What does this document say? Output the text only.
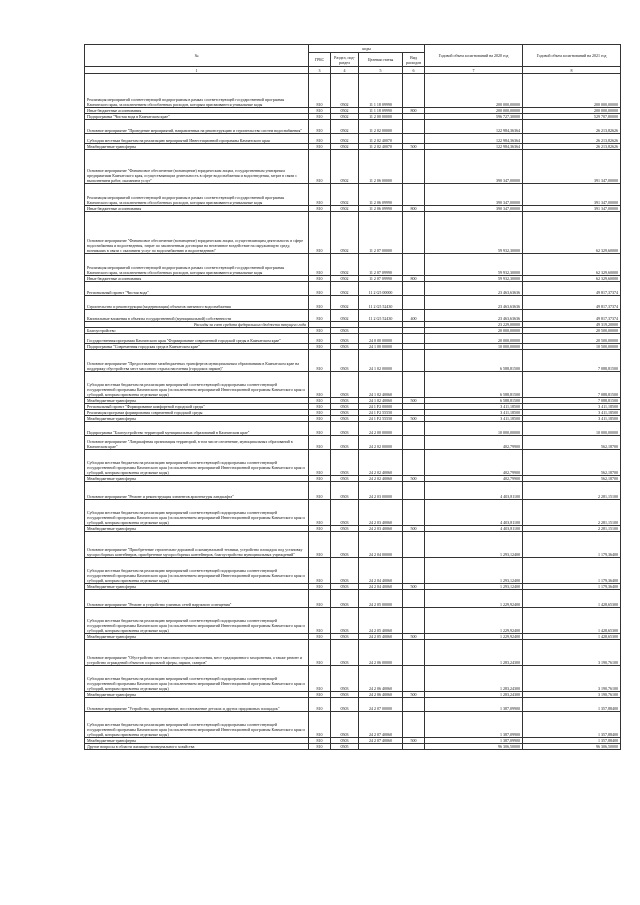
№	коды				Годовой объем ассигнований на 2020 год	Годовой объем ассигнований на 2021 год
	ГРБС	Раздел, под-раздел	Целевая статья	Вид расходов		
1	3	4	5	6	7	8
Реализация мероприятий соответствующей подпрограммы в рамках соответствующей государственной программы Камчатского края, за исключением обособленных расходов, которым присваиваются уникальные коды	810	0502	11 1 18 09990		200 000,00000	200 000,00000
Иные бюджетные ассигнования	810	0502	11 1 18 09990	800	200 000,00000	200 000,00000
Подпрограмма "Чистая вода в Камчатском крае"	810	0502	11 2 00 00000		596 727,30000	529 707,80000
Основное мероприятие "Проведение мероприятий, направленных на реконструкцию и строительство систем водоснабжения"	810	0502	11 2 02 00000		122 984,36364	26 213,82626
Субсидии местным бюджетам на реализацию мероприятий Инвестиционной программы Камчатского края	810	0502	11 2 02 40070		122 984,36364	26 213,82626
Межбюджетные трансферты	810	0502	11 2 02 40070	500	122 984,36364	26 213,82626
Основное мероприятие "Финансовое обеспечение (возмещение) юридическим лицам, государственным унитарным предприятиям Камчатского края, осуществляющим деятельность в сфере водоснабжения и водоотведения, затрат в связи с выполнением работ, оказанием услуг"	810	0502	11 2 06 00000		390 347,00000	391 347,00000
Реализация мероприятий соответствующей подпрограммы в рамках соответствующей государственной программы Камчатского края, за исключением обособленных расходов, которым присваиваются уникальные коды	810	0502	11 2 06 09990		390 347,00000	391 347,00000
Иные бюджетные ассигнования	810	0502	11 2 06 09990	800	390 347,00000	391 347,00000
Основное мероприятие "Финансовое обеспечение (возмещение) юридическим лицам, осуществляющим деятельность в сфере водоснабжения и водоотведения, затрат по заключенным договорам на негативное воздействие на окружающую среду, возникших в связи с оказанием услуг по водоснабжению и водоотведению"	810	0502	11 2 07 00000		59 932,30000	62 329,60000
Реализация мероприятий соответствующей подпрограммы в рамках соответствующей государственной программы Камчатского края, за исключением обособленных расходов, которым присваиваются уникальные коды	810	0502	11 2 07 09990		59 932,30000	62 329,60000
Иные бюджетные ассигнования	810	0502	11 2 07 09990	800	59 932,30000	62 329,60000
Региональный проект "Чистая вода"	810	0502	11 2 G5 00000		23 463,63636	49 817,37374
Строительство и реконструкция (модернизация) объектов питьевого водоснабжения	810	0502	11 2 G5 52430		23 463,63636	49 817,37374
Капитальные вложения в объекты государственной (муниципальной) собственности	810	0502	11 2 G5 52430	400	23 463,63636	49 817,37374
Расходы за счет средств федерального бюджета текущего года					23 229,00000	49 319,20000
Благоустройство	810	0503			20 000,00000	20 500,00000
Государственная программа Камчатского края "Формирование современной городской среды в Камчатском крае"	810	0503	24 0 00 00000		20 000,00000	20 500,00000
Подпрограмма "Современная городская среда в Камчатском крае"	810	0503	24 1 00 00000		10 000,00000	10 500,00000
Основное мероприятие "Предоставление межбюджетных трансфертов муниципальным образованиям в Камчатском крае на поддержку обустройства мест массового отдыха населения (городских парков)"	810	0503	24 1 02 00000		6 588,81500	7 088,81500
Субсидии местным бюджетам на реализацию мероприятий соответствующей подпрограммы соответствующей государственной программы Камчатского края (за исключением мероприятий Инвестиционной программы Камчатского края и субсидий, которым присвоены отдельные коды)	810	0503	24 1 02 40060		6 588,81500	7 088,81500
Межбюджетные трансферты	810	0503	24 1 02 40060	500	6 588,81500	7 088,81500
Региональный проект "Формирование комфортной городской среды"	810	0503	24 1 F2 00000		3 411,18500	3 411,18500
Реализация программ формирования современной городской среды	810	0503	24 1 F2 55550		3 411,18500	3 411,18500
Межбюджетные трансферты	810	0503	24 1 F2 55550	500	3 411,18500	3 411,18500
Подпрограмма "Благоустройство территорий муниципальных образований в Камчатском крае"	810	0503	24 2 00 00000		10 000,00000	10 000,00000
Основное мероприятие "Ландшафтная организация территорий, в том числе озеленение, муниципальных образований в Камчатском крае"	810	0503	24 2 02 00000		402,79900	562,18700
Субсидии местным бюджетам на реализацию мероприятий соответствующей подпрограммы соответствующей государственной программы Камчатского края (за исключением мероприятий Инвестиционной программы Камчатского края и субсидий, которым присвоены отдельные коды)	810	0503	24 2 02 40060		402,79900	562,18700
Межбюджетные трансферты	810	0503	24 2 02 40060	500	402,79900	562,18700
Основное мероприятие "Ремонт и реконструкция элементов архитектуры ландшафта"	810	0503	24 2 03 00000		4 403,81100	2 281,15100
Субсидии местным бюджетам на реализацию мероприятий соответствующей подпрограммы соответствующей государственной программы Камчатского края (за исключением мероприятий Инвестиционной программы Камчатского края и субсидий, которым присвоены отдельные коды)	810	0503	24 2 03 40060		4 403,81100	2 281,15100
Межбюджетные трансферты	810	0503	24 2 03 40060	500	4 403,81100	2 281,15100
Основное мероприятие "Приобретение строительно-дорожной и коммунальной техники, устройство площадок под установку мусоросборных контейнеров, приобретение мусоросборных контейнеров, благоустройство муниципальных учреждений"	810	0503	24 2 04 00000		1 293,12400	1 179,36400
Субсидии местным бюджетам на реализацию мероприятий соответствующей подпрограммы соответствующей государственной программы Камчатского края (за исключением мероприятий Инвестиционной программы Камчатского края и субсидий, которым присвоены отдельные коды)	810	0503	24 2 04 40060		1 293,12400	1 179,36400
Межбюджетные трансферты	810	0503	24 2 04 40060	500	1 293,12400	1 179,36400
Основное мероприятие "Ремонт и устройство уличных сетей наружного освещения"	810	0503	24 2 05 00000		1 229,92400	1 428,65300
Субсидии местным бюджетам на реализацию мероприятий соответствующей подпрограммы соответствующей государственной программы Камчатского края (за исключением мероприятий Инвестиционной программы Камчатского края и субсидий, которым присвоены отдельные коды)	810	0503	24 2 05 40060		1 229,92400	1 428,65300
Межбюджетные трансферты	810	0503	24 2 05 40060	500	1 229,92400	1 428,65300
Основное мероприятие "Обустройство мест массового отдыха населения, мест традиционного захоронения, а также ремонт и устройство ограждений объектов социальной сферы, парков, скверов"	810	0503	24 2 06 00000		1 283,24300	3 190,76100
Субсидии местным бюджетам на реализацию мероприятий соответствующей подпрограммы соответствующей государственной программы Камчатского края (за исключением мероприятий Инвестиционной программы Камчатского края и субсидий, которым присвоены отдельные коды)	810	0503	24 2 06 40060		1 283,24300	3 190,76100
Межбюджетные трансферты	810	0503	24 2 06 40060	500	1 283,24300	3 190,76100
Основное мероприятие "Устройство, проектирование, восстановление детских и других придомовых площадок"	810	0503	24 2 07 00000		1 387,09900	1 357,88400
Субсидии местным бюджетам на реализацию мероприятий соответствующей подпрограммы соответствующей государственной программы Камчатского края (за исключением мероприятий Инвестиционной программы Камчатского края и субсидий, которым присвоены отдельные коды)	810	0503	24 2 07 40060		1 387,09900	1 357,88400
Межбюджетные трансферты	810	0503	24 2 07 40060	500	1 387,09900	1 357,88400
Другие вопросы в области жилищно-коммунального хозяйства	810	0505			96 306,50000	96 306,50000
